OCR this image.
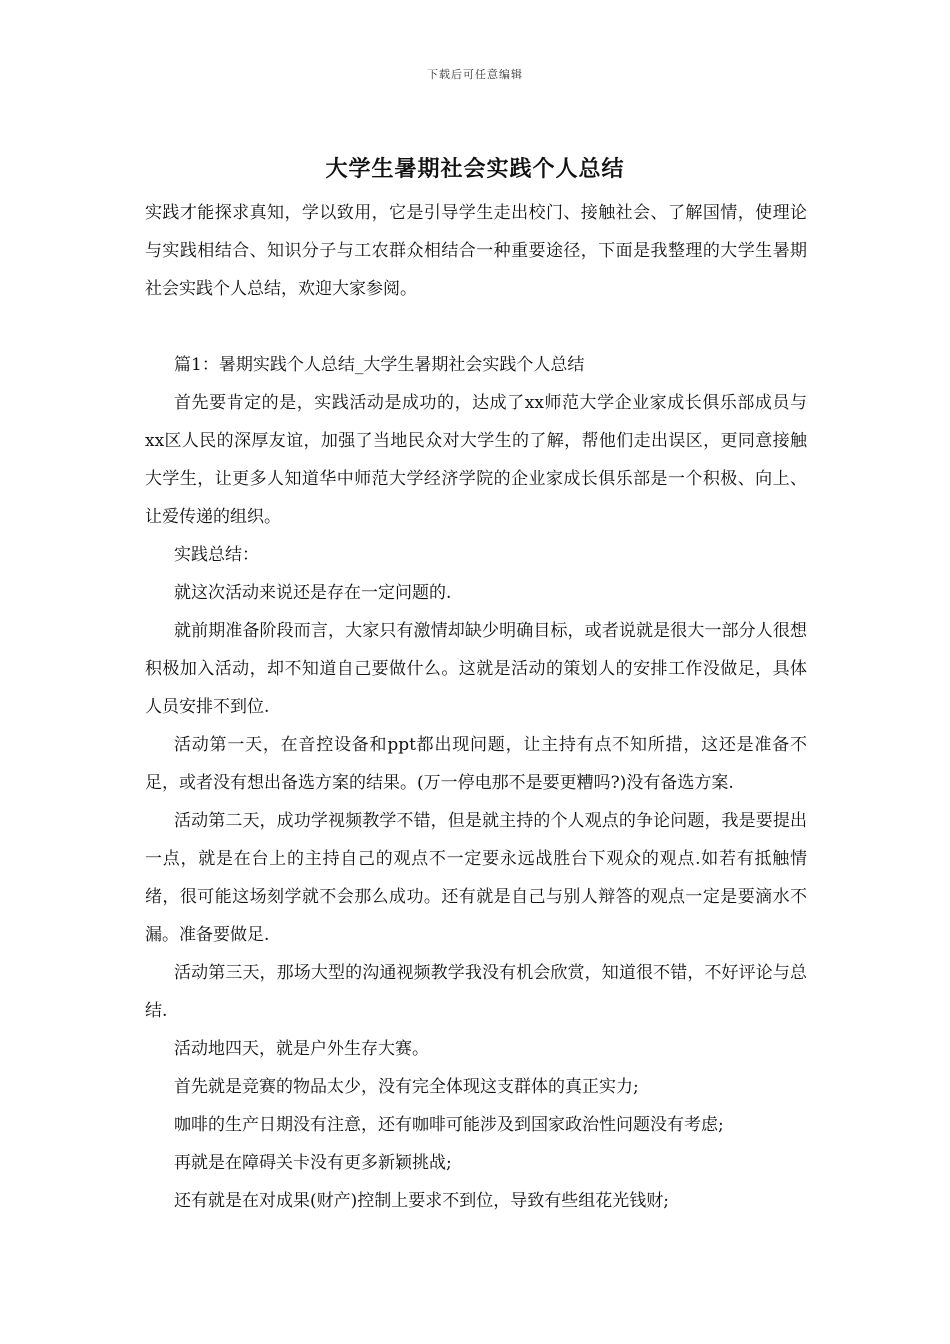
下载后可任意编辑
大学生暑期社会实践个人总结

实践才能探求真知，学以致用，它是引导学生走出校门、接触社会、了解国情，使理论与实践相结合、知识分子与工农群众相结合一种重要途径，下面是我整理的大学生暑期社会实践个人总结，欢迎大家参阅。

篇1：暑期实践个人总结_大学生暑期社会实践个人总结

首先要肯定的是，实践活动是成功的，达成了xx师范大学企业家成长俱乐部成员与xx区人民的深厚友谊，加强了当地民众对大学生的了解，帮他们走出误区，更同意接触大学生，让更多人知道华中师范大学经济学院的企业家成长俱乐部是一个积极、向上、让爱传递的组织。

实践总结：

就这次活动来说还是存在一定问题的.

就前期准备阶段而言，大家只有激情却缺少明确目标，或者说就是很大一部分人很想积极加入活动，却不知道自己要做什么。这就是活动的策划人的安排工作没做足，具体人员安排不到位.

活动第一天，在音控设备和ppt都出现问题，让主持有点不知所措，这还是准备不足，或者没有想出备选方案的结果。(万一停电那不是要更糟吗?)没有备选方案.

活动第二天，成功学视频教学不错，但是就主持的个人观点的争论问题，我是要提出一点，就是在台上的主持自己的观点不一定要永远战胜台下观众的观点.如若有抵触情绪，很可能这场刻学就不会那么成功。还有就是自己与别人辩答的观点一定是要滴水不漏。准备要做足.

活动第三天，那场大型的沟通视频教学我没有机会欣赏，知道很不错，不好评论与总结.

活动地四天，就是户外生存大赛。

首先就是竞赛的物品太少，没有完全体现这支群体的真正实力;

咖啡的生产日期没有注意，还有咖啡可能涉及到国家政治性问题没有考虑;

再就是在障碍关卡没有更多新颖挑战;

还有就是在对成果(财产)控制上要求不到位，导致有些组花光钱财;
